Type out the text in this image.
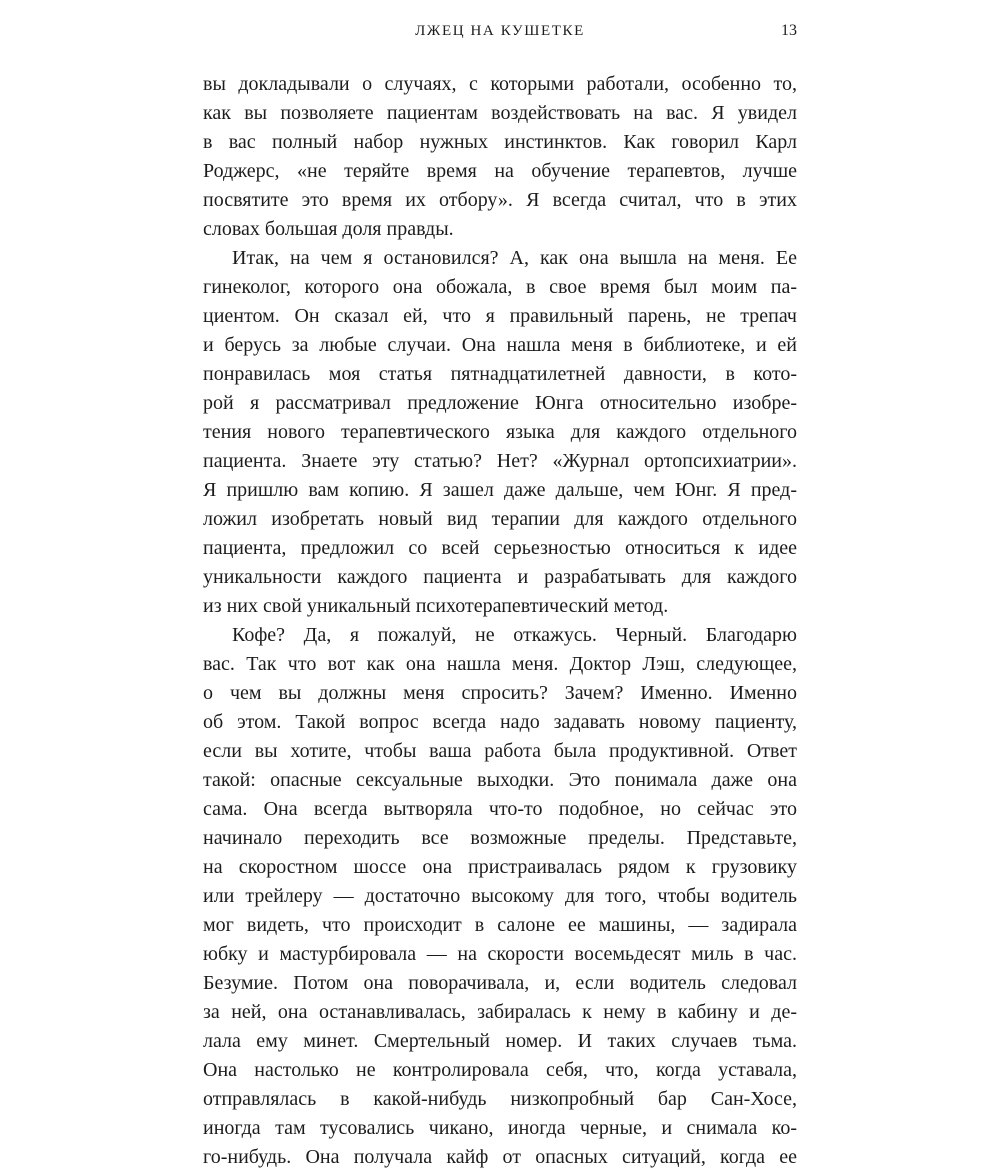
ЛЖЕЦ НА КУШЕТКЕ	13
вы докладывали о случаях, с которыми работали, особенно то,
как вы позволяете пациентам воздействовать на вас. Я увидел
в вас полный набор нужных инстинктов. Как говорил Карл
Роджерс, «не теряйте время на обучение терапевтов, лучше
посвятите это время их отбору». Я всегда считал, что в этих
словах большая доля правды.
Итак, на чем я остановился? А, как она вышла на меня. Ее
гинеколог, которого она обожала, в свое время был моим па-
циентом. Он сказал ей, что я правильный парень, не трепач
и берусь за любые случаи. Она нашла меня в библиотеке, и ей
понравилась моя статья пятнадцатилетней давности, в кото-
рой я рассматривал предложение Юнга относительно изобре-
тения нового терапевтического языка для каждого отдельного
пациента. Знаете эту статью? Нет? «Журнал ортопсихиатрии».
Я пришлю вам копию. Я зашел даже дальше, чем Юнг. Я пред-
ложил изобретать новый вид терапии для каждого отдельного
пациента, предложил со всей серьезностью относиться к идее
уникальности каждого пациента и разрабатывать для каждого
из них свой уникальный психотерапевтический метод.
Кофе? Да, я пожалуй, не откажусь. Черный. Благодарю
вас. Так что вот как она нашла меня. Доктор Лэш, следующее,
о чем вы должны меня спросить? Зачем? Именно. Именно
об этом. Такой вопрос всегда надо задавать новому пациенту,
если вы хотите, чтобы ваша работа была продуктивной. Ответ
такой: опасные сексуальные выходки. Это понимала даже она
сама. Она всегда вытворяла что-то подобное, но сейчас это
начинало переходить все возможные пределы. Представьте,
на скоростном шоссе она пристраивалась рядом к грузовику
или трейлеру — достаточно высокому для того, чтобы водитель
мог видеть, что происходит в салоне ее машины, — задирала
юбку и мастурбировала — на скорости восемьдесят миль в час.
Безумие. Потом она поворачивала, и, если водитель следовал
за ней, она останавливалась, забиралась к нему в кабину и де-
лала ему минет. Смертельный номер. И таких случаев тьма.
Она настолько не контролировала себя, что, когда уставала,
отправлялась в какой-нибудь низкопробный бар Сан-Хосе,
иногда там тусовались чикано, иногда черные, и снимала ко-
го-нибудь. Она получала кайф от опасных ситуаций, когда ее
